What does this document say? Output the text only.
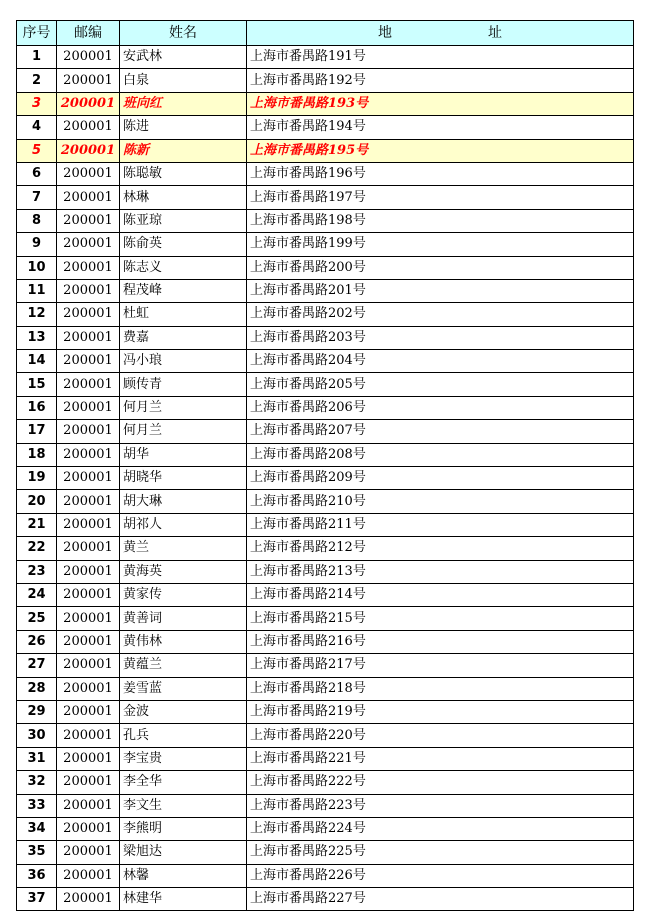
序号	邮编	姓名	地 址

1	200001	安武林	上海市番禺路191号
2	200001	白泉	上海市番禺路192号
3	200001	班向红	上海市番禺路193号
4	200001	陈进	上海市番禺路194号
5	200001	陈新	上海市番禺路195号
6	200001	陈聪敏	上海市番禺路196号
7	200001	林琳	上海市番禺路197号
8	200001	陈亚琼	上海市番禺路198号
9	200001	陈俞英	上海市番禺路199号
10	200001	陈志义	上海市番禺路200号
11	200001	程茂峰	上海市番禺路201号
12	200001	杜虹	上海市番禺路202号
13	200001	费嘉	上海市番禺路203号
14	200001	冯小琅	上海市番禺路204号
15	200001	顾传青	上海市番禺路205号
16	200001	何月兰	上海市番禺路206号
17	200001	何月兰	上海市番禺路207号
18	200001	胡华	上海市番禺路208号
19	200001	胡晓华	上海市番禺路209号
20	200001	胡大琳	上海市番禺路210号
21	200001	胡祁人	上海市番禺路211号
22	200001	黄兰	上海市番禺路212号
23	200001	黄海英	上海市番禺路213号
24	200001	黄家传	上海市番禺路214号
25	200001	黄善词	上海市番禺路215号
26	200001	黄伟林	上海市番禺路216号
27	200001	黄蕴兰	上海市番禺路217号
28	200001	姜雪蓝	上海市番禺路218号
29	200001	金波	上海市番禺路219号
30	200001	孔兵	上海市番禺路220号
31	200001	李宝贵	上海市番禺路221号
32	200001	李全华	上海市番禺路222号
33	200001	李文生	上海市番禺路223号
34	200001	李熊明	上海市番禺路224号
35	200001	梁旭达	上海市番禺路225号
36	200001	林馨	上海市番禺路226号
37	200001	林建华	上海市番禺路227号
